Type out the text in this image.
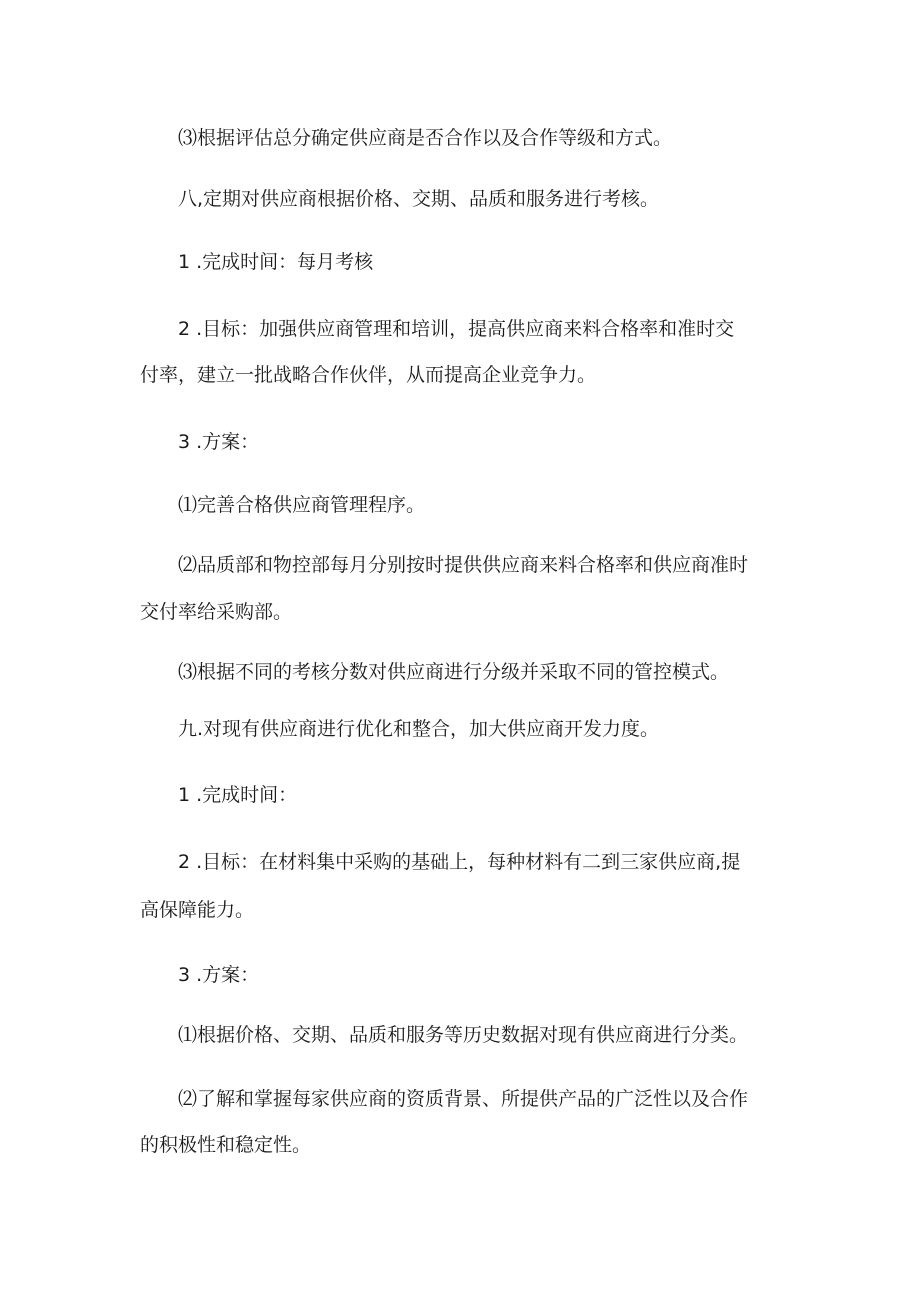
⑶根据评估总分确定供应商是否合作以及合作等级和方式。

八,定期对供应商根据价格、交期、品质和服务进行考核。

1 .完成时间：每月考核

2 .目标：加强供应商管理和培训，提高供应商来料合格率和准时交

付率，建立一批战略合作伙伴，从而提高企业竞争力。

3 .方案：

⑴完善合格供应商管理程序。

⑵品质部和物控部每月分别按时提供供应商来料合格率和供应商准时

交付率给采购部。

⑶根据不同的考核分数对供应商进行分级并采取不同的管控模式。

九.对现有供应商进行优化和整合，加大供应商开发力度。

1 .完成时间：

2 .目标：在材料集中采购的基础上，每种材料有二到三家供应商,提

高保障能力。

3 .方案：

⑴根据价格、交期、品质和服务等历史数据对现有供应商进行分类。

⑵了解和掌握每家供应商的资质背景、所提供产品的广泛性以及合作

的积极性和稳定性。
